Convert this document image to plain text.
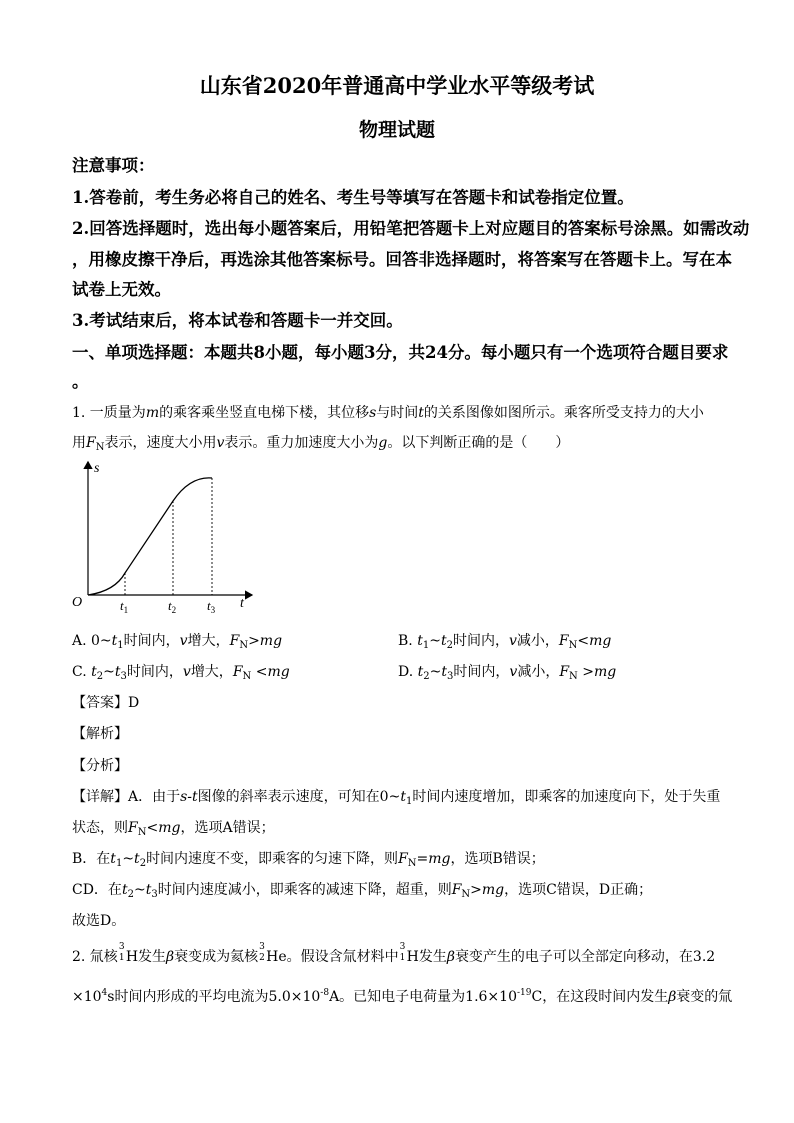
山东省2020年普通高中学业水平等级考试
物理试题
注意事项：
1.答卷前，考生务必将自己的姓名、考生号等填写在答题卡和试卷指定位置。
2.回答选择题时，选出每小题答案后，用铅笔把答题卡上对应题目的答案标号涂黑。如需改动
，用橡皮擦干净后，再选涂其他答案标号。回答非选择题时，将答案写在答题卡上。写在本
试卷上无效。
3.考试结束后，将本试卷和答题卡一并交回。
一、单项选择题：本题共8小题，每小题3分，共24分。每小题只有一个选项符合题目要求
。
1. 一质量为m的乘客乘坐竖直电梯下楼，其位移s与时间t的关系图像如图所示。乘客所受支持力的大小
用$F_N$表示，速度大小用v表示。重力加速度大小为g。以下判断正确的是（　　）
s
O	t
$t_1$	$t_2$ $t_3$
A. $0\sim t_1$时间内，v增大，$F_N>mg$	B. $t_1\sim t_2$时间内，v减小，$F_N<mg$
C. $t_2\sim t_3$时间内，v增大，$F_N <mg$	D. $t_2\sim t_3$时间内，v减小，$F_N >mg$
【答案】D
【解析】
【分析】
【详解】A．由于s-t图像的斜率表示速度，可知在$0\sim t_1$时间内速度增加，即乘客的加速度向下，处于失重
状态，则$F_N<mg$，选项A错误；
B．在$t_1\sim t_2$时间内速度不变，即乘客的匀速下降，则$F_N=mg$，选项B错误；
CD．在$t_2\sim t_3$时间内速度减小，即乘客的减速下降，超重，则$F_N>mg$，选项C错误，D正确；
故选D。
2. 氚核
3
1 H发生β衰变成为氦核
3
2 He。假设含氚材料中
3
1 H发生β衰变产生的电子可以全部定向移动，在3.2
$\times 10^4s$时间内形成的平均电流为$5.0\times 10^{-8}A$。已知电子电荷量为$1.6\times 10^{-19}C$，在这段时间内发生β衰变的氚
